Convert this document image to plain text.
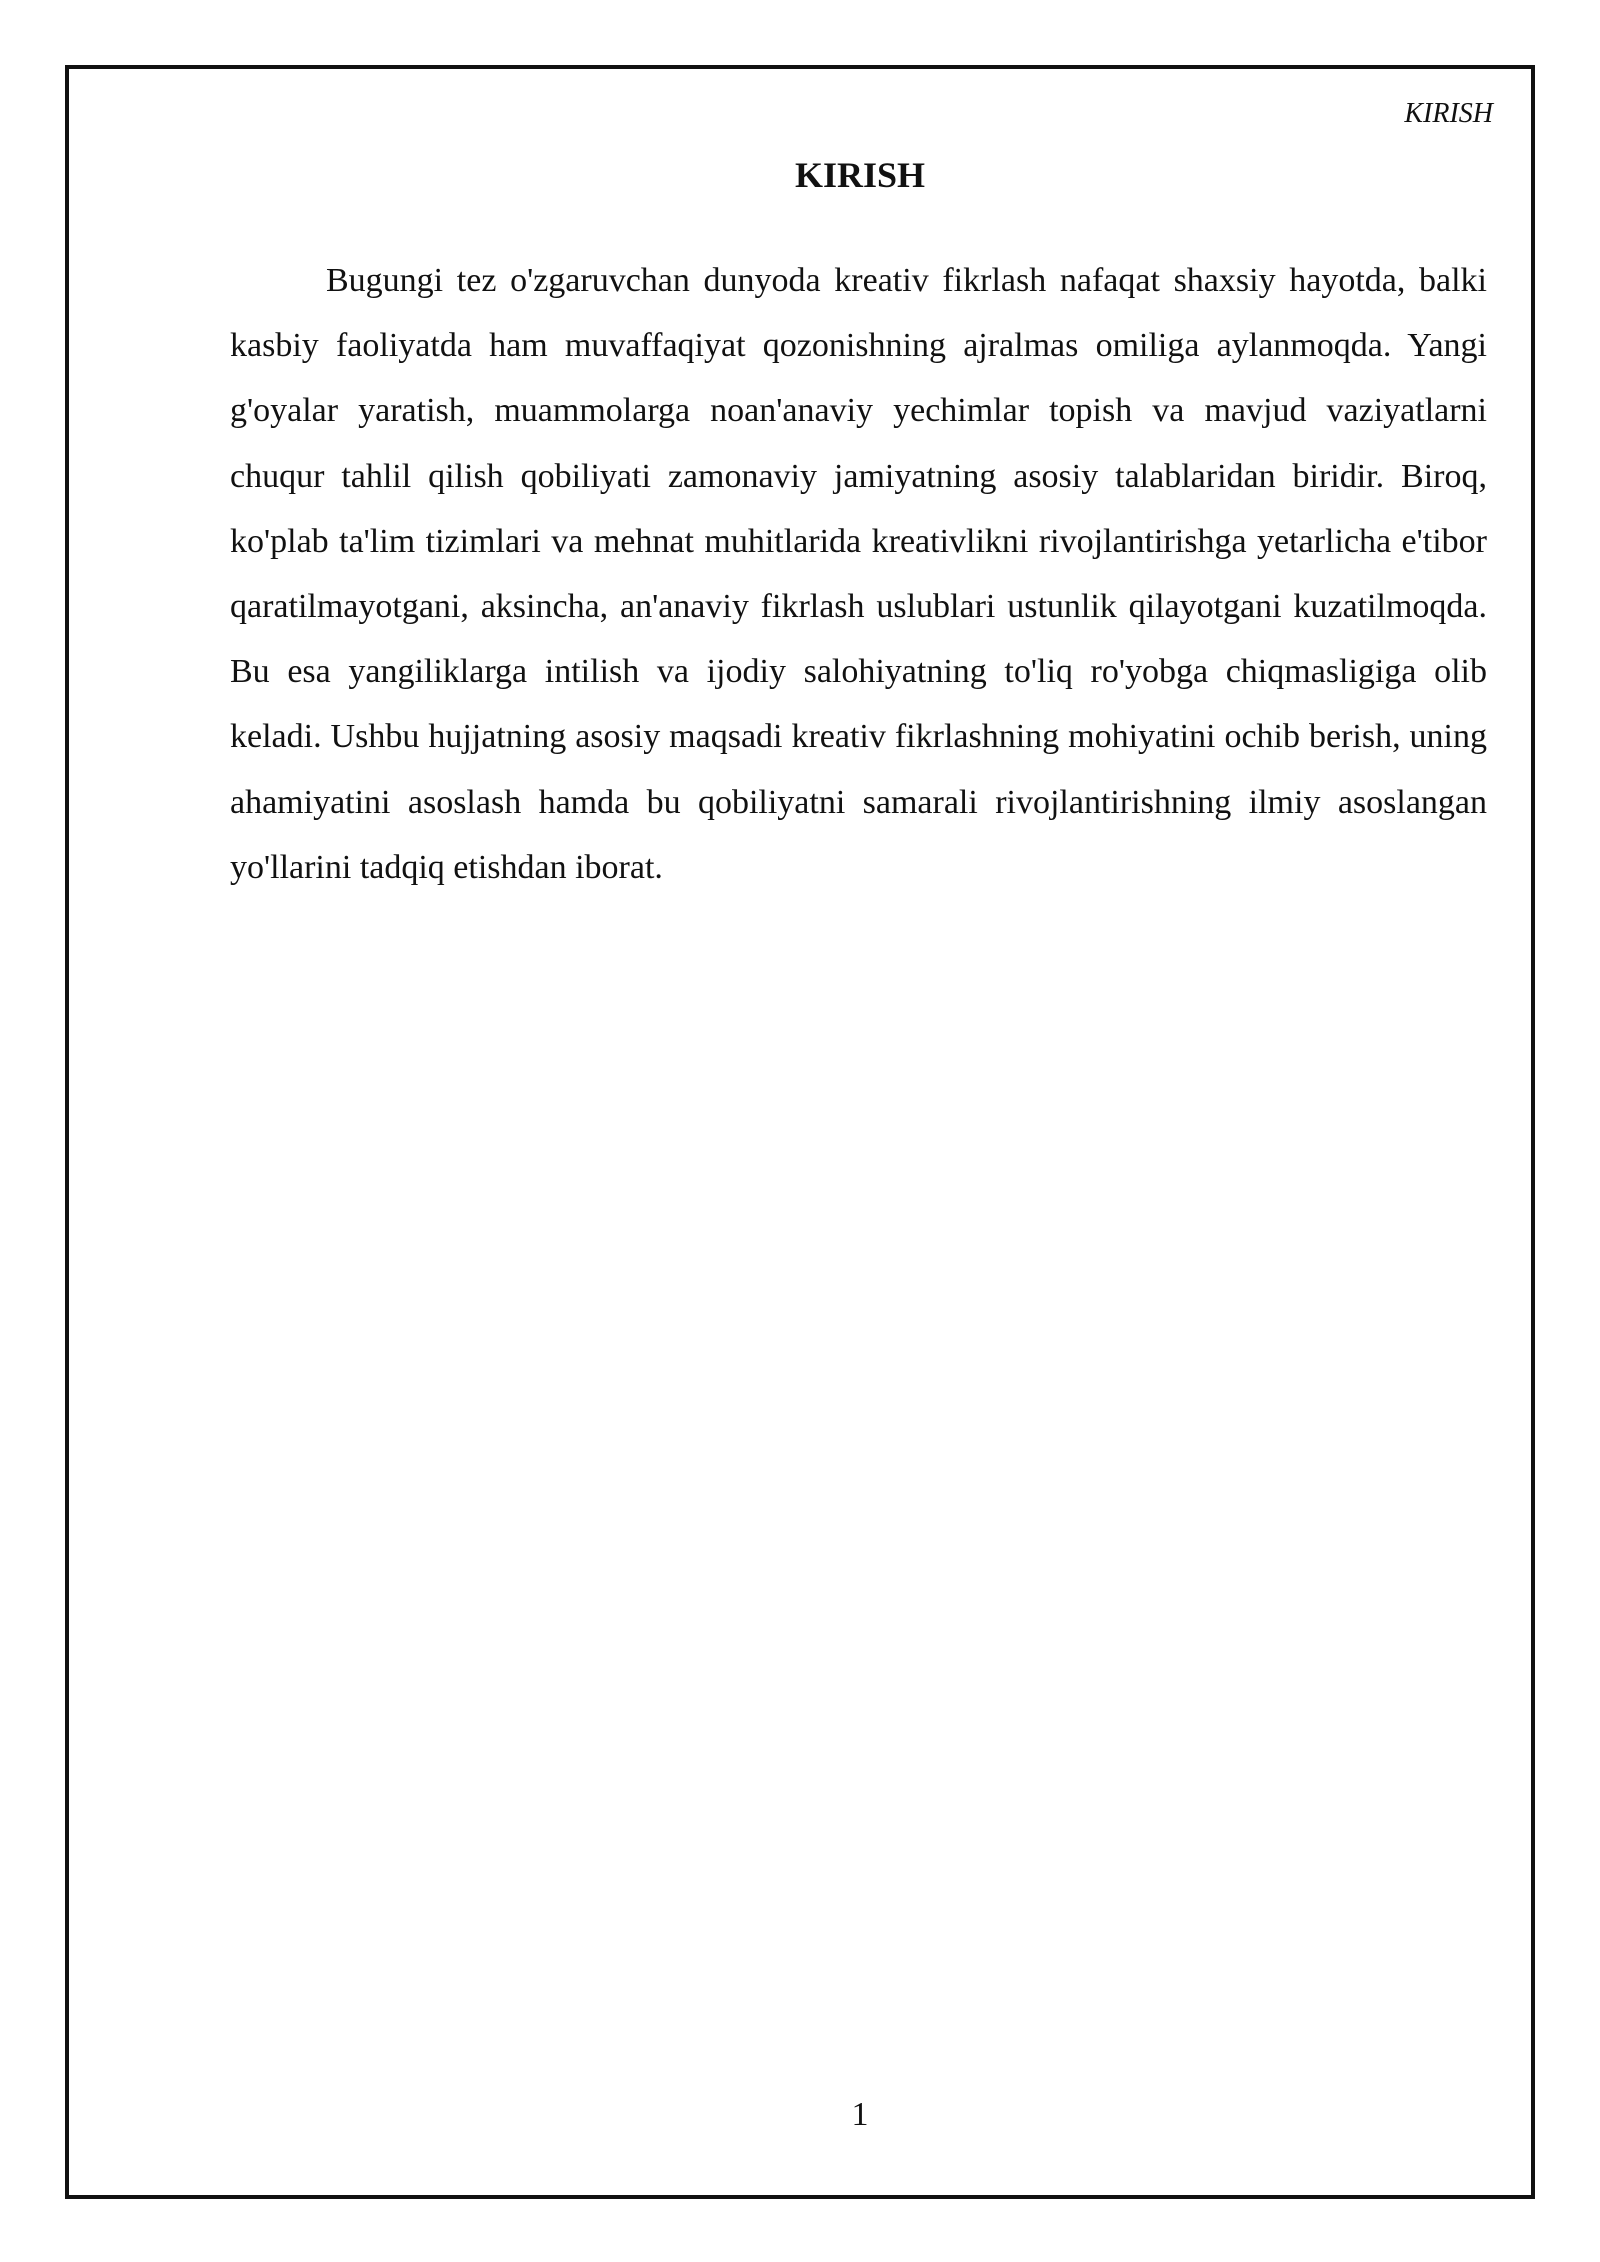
KIRISH
KIRISH

Bugungi tez o'zgaruvchan dunyoda kreativ fikrlash nafaqat shaxsiy hayotda, balki kasbiy faoliyatda ham muvaffaqiyat qozonishning ajralmas omiliga aylanmoqda. Yangi g'oyalar yaratish, muammolarga noan'anaviy yechimlar topish va mavjud vaziyatlarni chuqur tahlil qilish qobiliyati zamonaviy jamiyatning asosiy talablaridan biridir. Biroq, ko'plab ta'lim tizimlari va mehnat muhitlarida kreativlikni rivojlantirishga yetarlicha e'tibor qaratilmayotgani, aksincha, an'anaviy fikrlash uslublari ustunlik qilayotgani kuzatilmoqda. Bu esa yangiliklarga intilish va ijodiy salohiyatning to'liq ro'yobga chiqmasligiga olib keladi. Ushbu hujjatning asosiy maqsadi kreativ fikrlashning mohiyatini ochib berish, uning ahamiyatini asoslash hamda bu qobiliyatni samarali rivojlantirishning ilmiy asoslangan yo'llarini tadqiq etishdan iborat.

1
